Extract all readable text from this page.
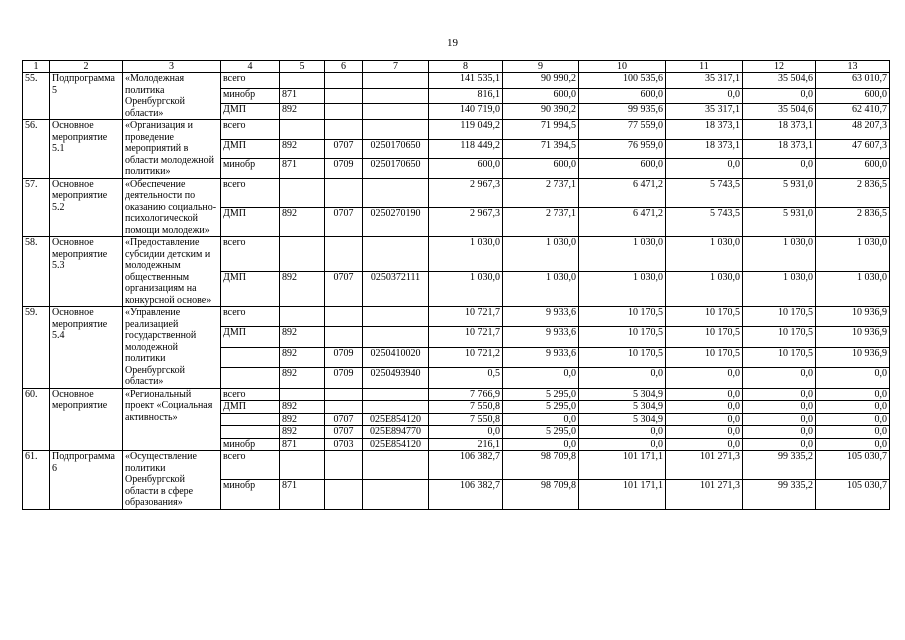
19
1	2	3	4	5	6	7	8	9	10	11	12	13
55.	Подпрограмма 5	«Молодежная политика Оренбургской области»	всего				141 535,1	90 990,2	100 535,6	35 317,1	35 504,6	63 010,7
			минобр	871			816,1	600,0	600,0	0,0	0,0	600,0
			ДМП	892			140 719,0	90 390,2	99 935,6	35 317,1	35 504,6	62 410,7
56.	Основное мероприятие 5.1	«Организация и проведение мероприятий в области молодежной политики»	всего				119 049,2	71 994,5	77 559,0	18 373,1	18 373,1	48 207,3
			ДМП	892	0707	0250170650	118 449,2	71 394,5	76 959,0	18 373,1	18 373,1	47 607,3
			минобр	871	0709	0250170650	600,0	600,0	600,0	0,0	0,0	600,0
57.	Основное мероприятие 5.2	«Обеспечение деятельности по оказанию социально-психологической помощи молодежи»	всего				2 967,3	2 737,1	6 471,2	5 743,5	5 931,0	2 836,5
			ДМП	892	0707	0250270190	2 967,3	2 737,1	6 471,2	5 743,5	5 931,0	2 836,5
58.	Основное мероприятие 5.3	«Предоставление субсидии детским и молодежным общественным организациям на конкурсной основе»	всего				1 030,0	1 030,0	1 030,0	1 030,0	1 030,0	1 030,0
			ДМП	892	0707	0250372111	1 030,0	1 030,0	1 030,0	1 030,0	1 030,0	1 030,0
59.	Основное мероприятие 5.4	«Управление реализацией государственной молодежной политики Оренбургской области»	всего				10 721,7	9 933,6	10 170,5	10 170,5	10 170,5	10 936,9
			ДМП	892			10 721,7	9 933,6	10 170,5	10 170,5	10 170,5	10 936,9
				892	0709	0250410020	10 721,2	9 933,6	10 170,5	10 170,5	10 170,5	10 936,9
				892	0709	0250493940	0,5	0,0	0,0	0,0	0,0	0,0
60.	Основное мероприятие	«Региональный проект «Социальная активность»	всего				7 766,9	5 295,0	5 304,9	0,0	0,0	0,0
			ДМП	892			7 550,8	5 295,0	5 304,9	0,0	0,0	0,0
				892	0707	025E854120	7 550,8	0,0	5 304,9	0,0	0,0	0,0
				892	0707	025E894770	0,0	5 295,0	0,0	0,0	0,0	0,0
			минобр	871	0703	025E854120	216,1	0,0	0,0	0,0	0,0	0,0
61.	Подпрограмма 6	«Осуществление политики Оренбургской области в сфере образования»	всего				106 382,7	98 709,8	101 171,1	101 271,3	99 335,2	105 030,7
			минобр	871			106 382,7	98 709,8	101 171,1	101 271,3	99 335,2	105 030,7
